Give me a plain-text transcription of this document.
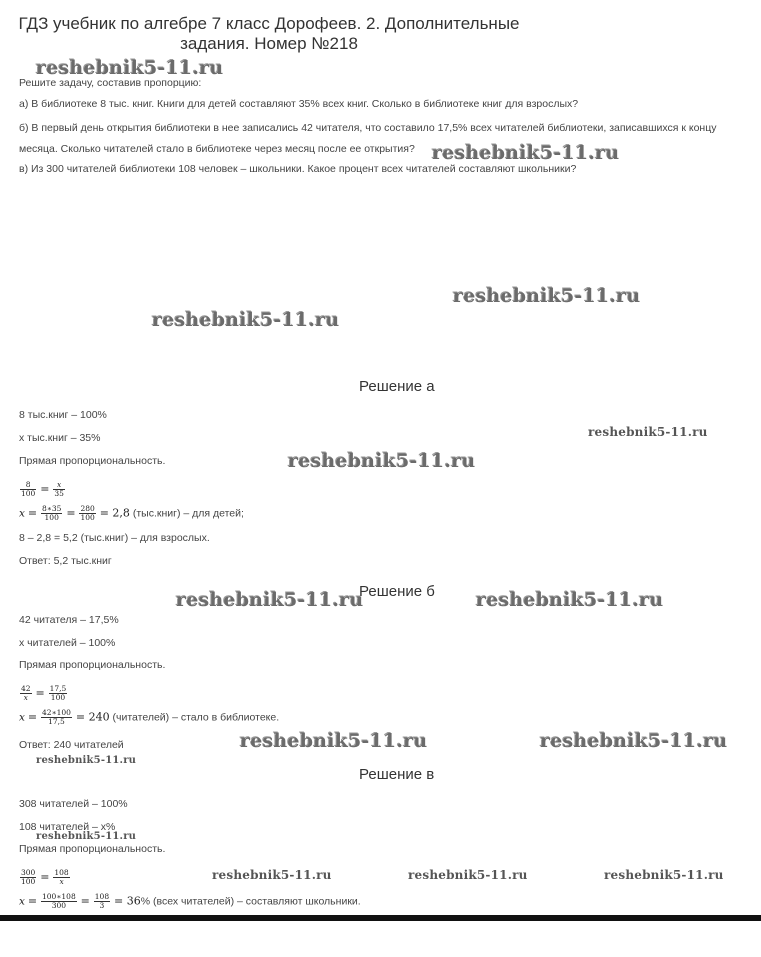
ГДЗ учебник по алгебре 7 класс Дорофеев. 2. Дополнительные задания. Номер №218
reshebnik5-11.ru
reshebnik5-11.ru
reshebnik5-11.ru
reshebnik5-11.ru
reshebnik5-11.ru
reshebnik5-11.ru
reshebnik5-11.ru	reshebnik5-11.ru
reshebnik5-11.ru	reshebnik5-11.ru
reshebnik5-11.ru
reshebnik5-11.ru
reshebnik5-11.ru	reshebnik5-11.ru	reshebnik5-11.ru
Решите задачу, составив пропорцию:
а) В библиотеке 8 тыс. книг. Книги для детей составляют 35% всех книг. Сколько в библиотеке книг для взрослых?
б) В первый день открытия библиотеки в нее записались 42 читателя, что составило 17,5% всех читателей библиотеки, записавшихся к концу
месяца. Сколько читателей стало в библиотеке через месяц после ее открытия?
в) Из 300 читателей библиотеки 108 человек – школьники. Какое процент всех читателей составляют школьники?
Решение а
8 тыс.книг – 100%
x тыс.книг – 35%
Прямая пропорциональность.
$\frac{8}{100} = \frac{x}{35}$
$x = \frac{8∗35}{100} = \frac{280}{100} = 2,8$ (тыс.книг) – для детей;
8 – 2,8 = 5,2 (тыс.книг) – для взрослых.
Ответ: 5,2 тыс.книг
Решение б
42 читателя – 17,5%
x читателей – 100%
Прямая пропорциональность.
$\frac{42}{x} = \frac{17,5}{100}$
$x = \frac{42∗100}{17,5} = 240$ (читателей) – стало в библиотеке.
Ответ: 240 читателей
Решение в
308 читателей – 100%
108 читателей – x%
Прямая пропорциональность.
$\frac{300}{100} = \frac{108}{x}$
$x = \frac{100∗108}{300} = \frac{108}{3} = 36\%$ (всех читателей) – составляют школьники.
